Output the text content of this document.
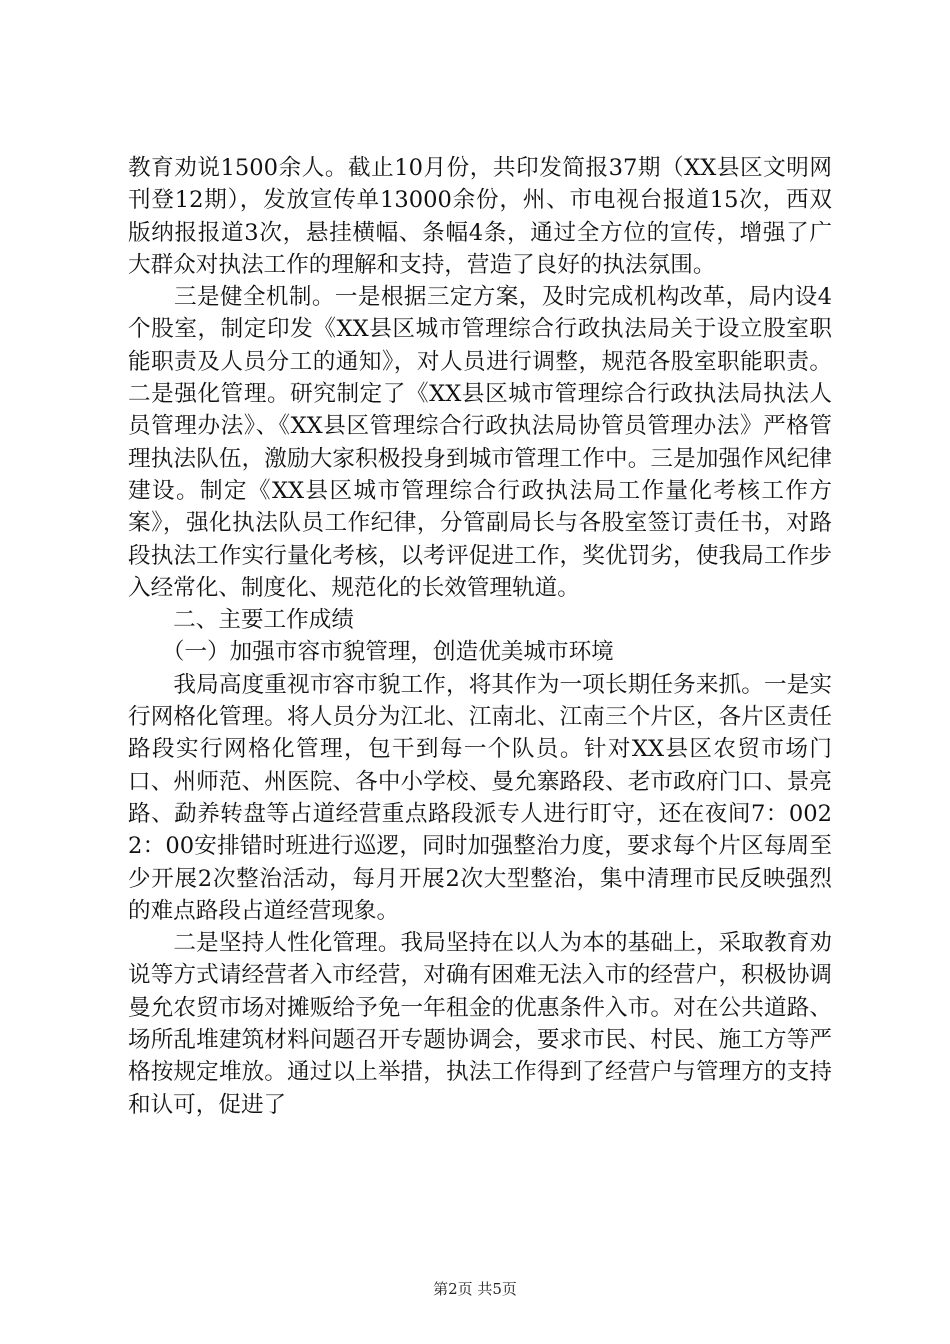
教育劝说1500余人。截止10月份，共印发简报37期（XX县区文明网刊登12期），发放宣传单13000余份，州、市电视台报道15次，西双版纳报报道3次，悬挂横幅、条幅4条，通过全方位的宣传，增强了广大群众对执法工作的理解和支持，营造了良好的执法氛围。

　　三是健全机制。一是根据三定方案，及时完成机构改革，局内设4个股室，制定印发《XX县区城市管理综合行政执法局关于设立股室职能职责及人员分工的通知》，对人员进行调整，规范各股室职能职责。二是强化管理。研究制定了《XX县区城市管理综合行政执法局执法人员管理办法》、《XX县区管理综合行政执法局协管员管理办法》严格管理执法队伍，激励大家积极投身到城市管理工作中。三是加强作风纪律建设。制定《XX县区城市管理综合行政执法局工作量化考核工作方案》，强化执法队员工作纪律，分管副局长与各股室签订责任书，对路段执法工作实行量化考核，以考评促进工作，奖优罚劣，使我局工作步入经常化、制度化、规范化的长效管理轨道。

　　二、主要工作成绩

　　（一）加强市容市貌管理，创造优美城市环境

　　我局高度重视市容市貌工作，将其作为一项长期任务来抓。一是实行网格化管理。将人员分为江北、江南北、江南三个片区，各片区责任路段实行网格化管理，包干到每一个队员。针对XX县区农贸市场门口、州师范、州医院、各中小学校、曼允寨路段、老市政府门口、景亮路、勐养转盘等占道经营重点路段派专人进行盯守，还在夜间7：0022：00安排错时班进行巡逻，同时加强整治力度，要求每个片区每周至少开展2次整治活动，每月开展2次大型整治，集中清理市民反映强烈的难点路段占道经营现象。

　　二是坚持人性化管理。我局坚持在以人为本的基础上，采取教育劝说等方式请经营者入市经营，对确有困难无法入市的经营户，积极协调曼允农贸市场对摊贩给予免一年租金的优惠条件入市。对在公共道路、场所乱堆建筑材料问题召开专题协调会，要求市民、村民、施工方等严格按规定堆放。通过以上举措，执法工作得到了经营户与管理方的支持和认可，促进了

第2页 共5页
